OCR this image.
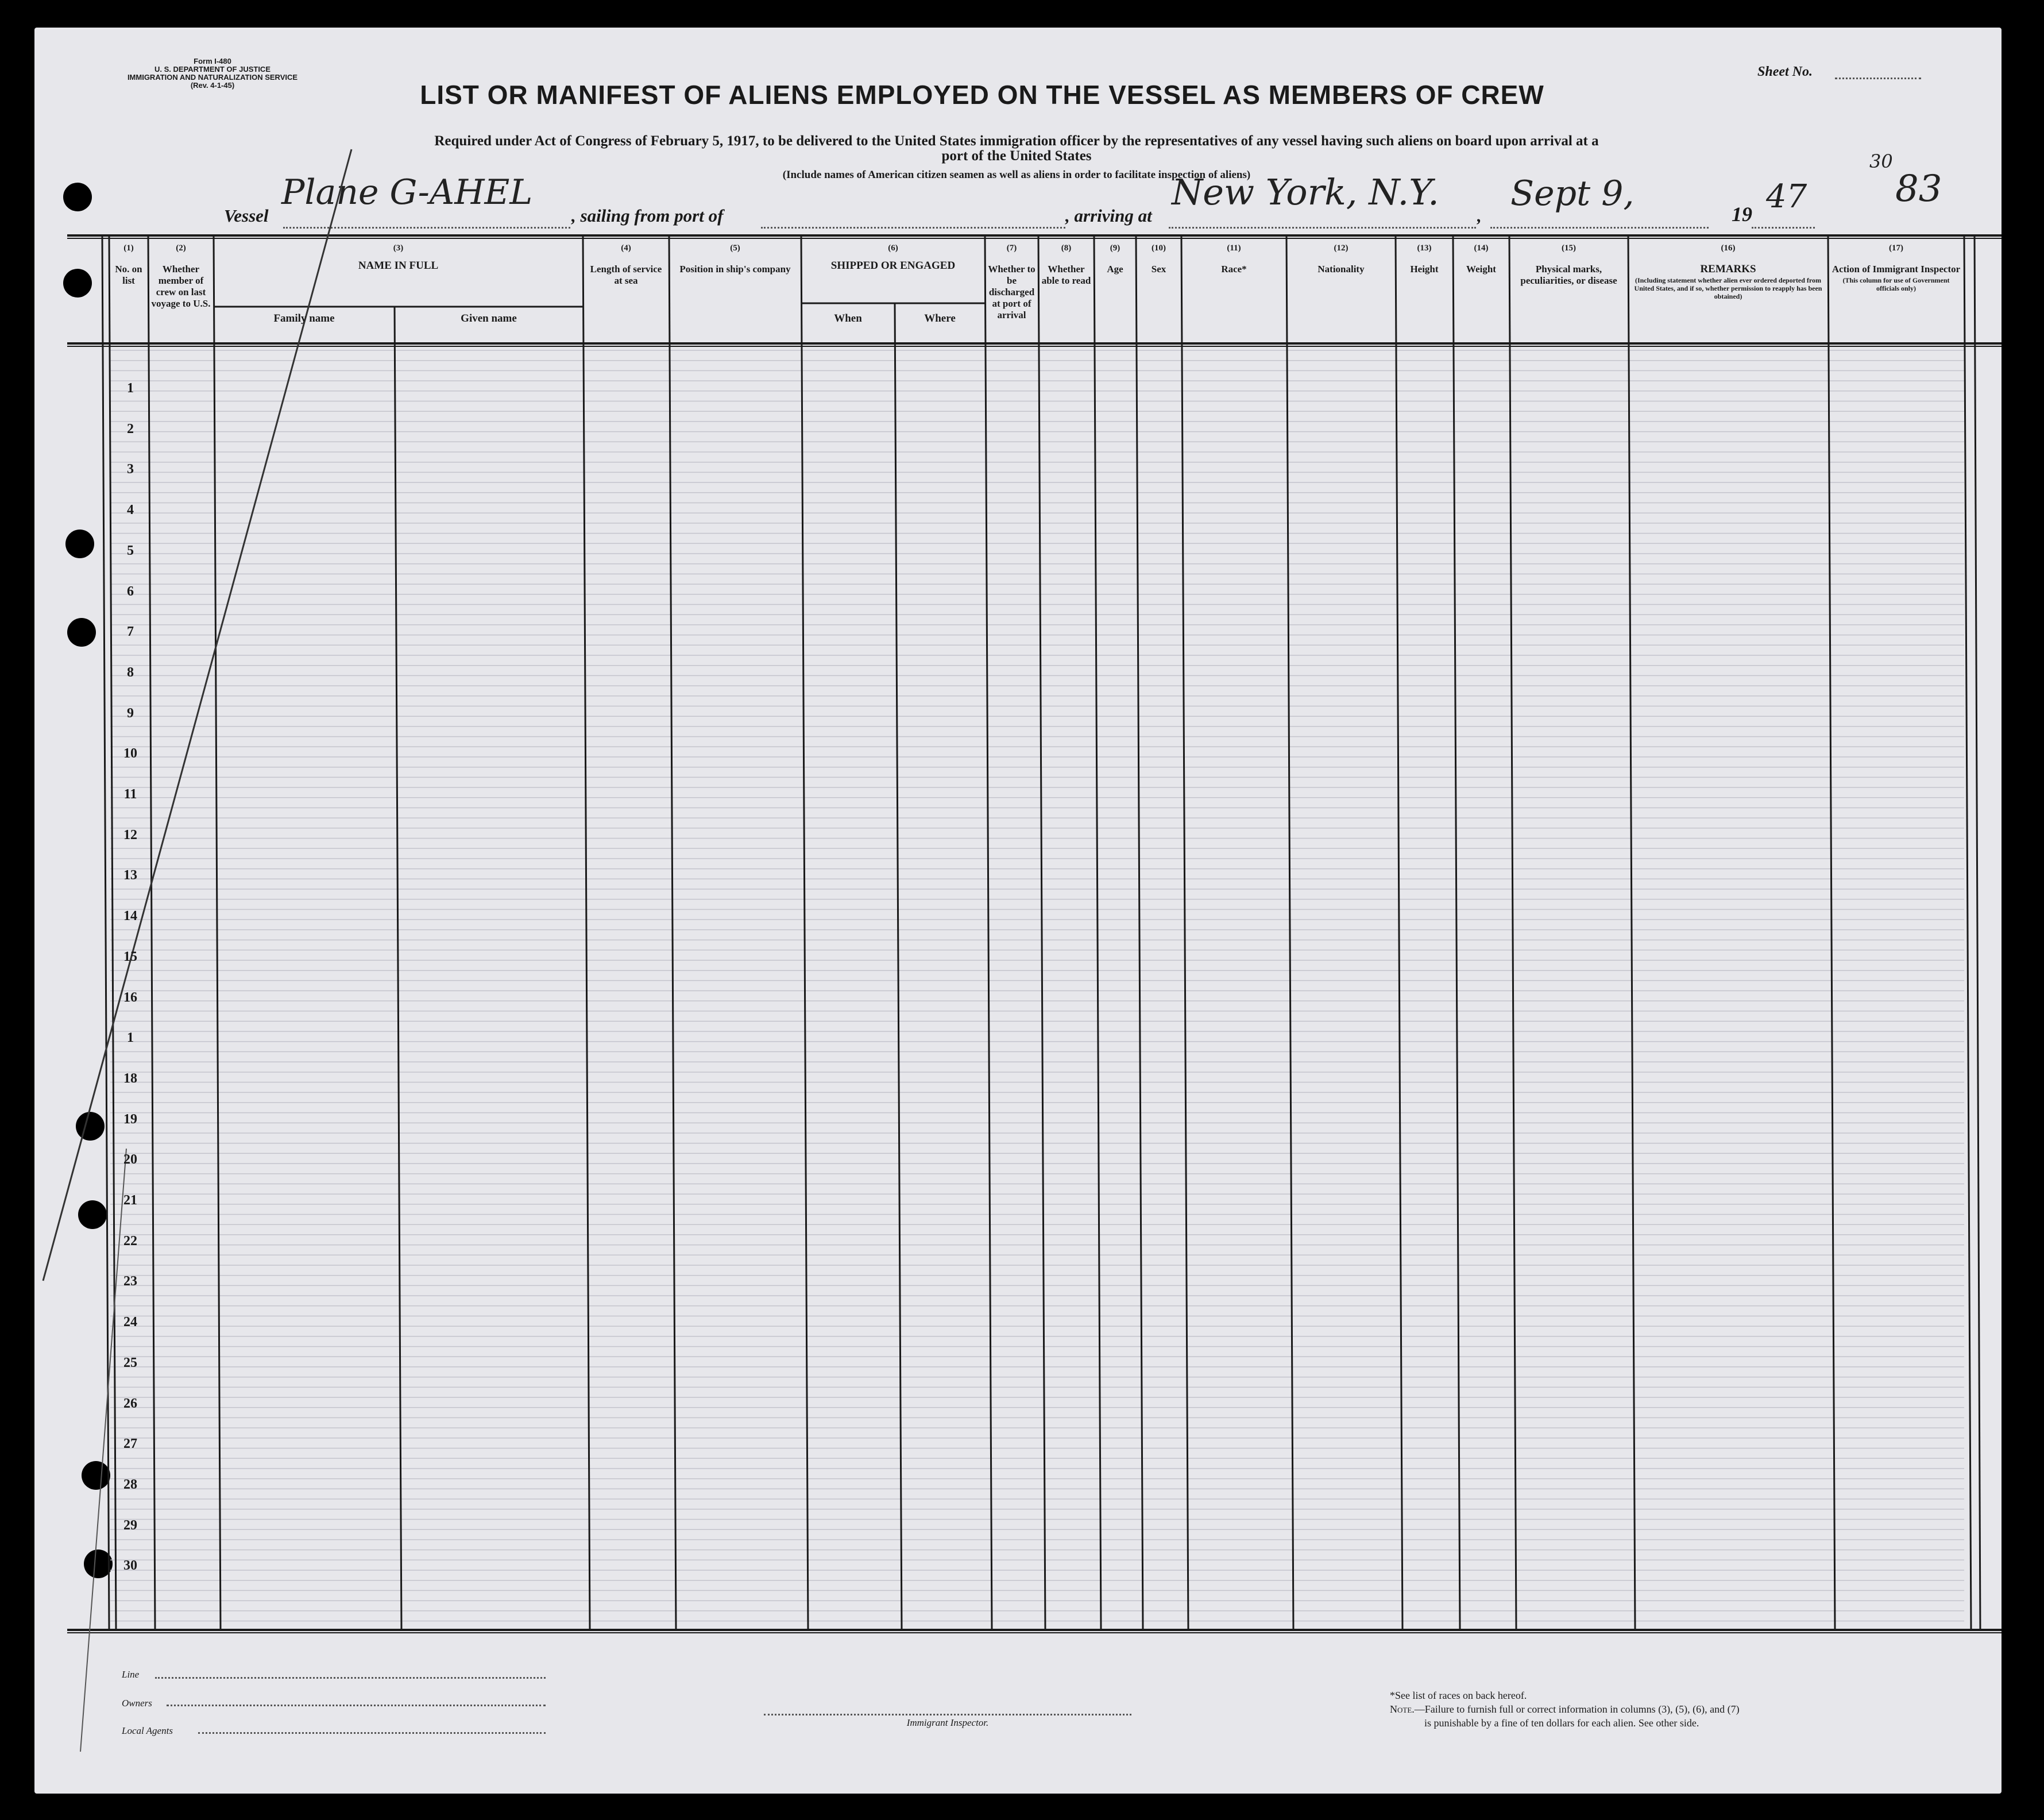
Form I-480
U. S. DEPARTMENT OF JUSTICE
IMMIGRATION AND NATURALIZATION SERVICE
(Rev. 4-1-45)
Sheet No.
30
83
LIST OR MANIFEST OF ALIENS EMPLOYED ON THE VESSEL AS MEMBERS OF CREW
Required under Act of Congress of February 5, 1917, to be delivered to the United States immigration officer by the representatives of any vessel having such aliens on board upon arrival at a
port of the United States
(Include names of American citizen seamen as well as aliens in order to facilitate inspection of aliens)
Vessel
Plane G-AHEL
, sailing from port of	, arriving at
New York, N.Y.
,
Sept 9,
19 47
(1)
No. on list
(2)
Whether member of crew on last voyage to U.S.
(3)
NAME IN FULL
Family name	Given name
(4)
Length of service at sea
(5)
Position in ship's company
(6)
SHIPPED OR ENGAGED
When	Where
(7)
Whether to be discharged at port of arrival
(8)
Whether able to read
(9)
Age
(10)
Sex
(11)
Race*
(12)
Nationality
(13)
Height
(14)
Weight
(15)
Physical marks, peculiarities, or disease
(16)
REMARKS
(Including statement whether alien ever ordered deported from United States, and if so, whether permission to reapply has been obtained)
(17)
Action of Immigrant Inspector
(This column for use of Government officials only)
1
2
3
4
5
6
7
8
9
10
11
12
13
14
15
16
1
18
19
20
21
22
23
24
25
26
27
28
29
30
Line
Owners
Local Agents
Immigrant Inspector.
*See list of races on back hereof.
Note.—Failure to furnish full or correct information in columns (3), (5), (6), and (7)
is punishable by a fine of ten dollars for each alien. See other side.
